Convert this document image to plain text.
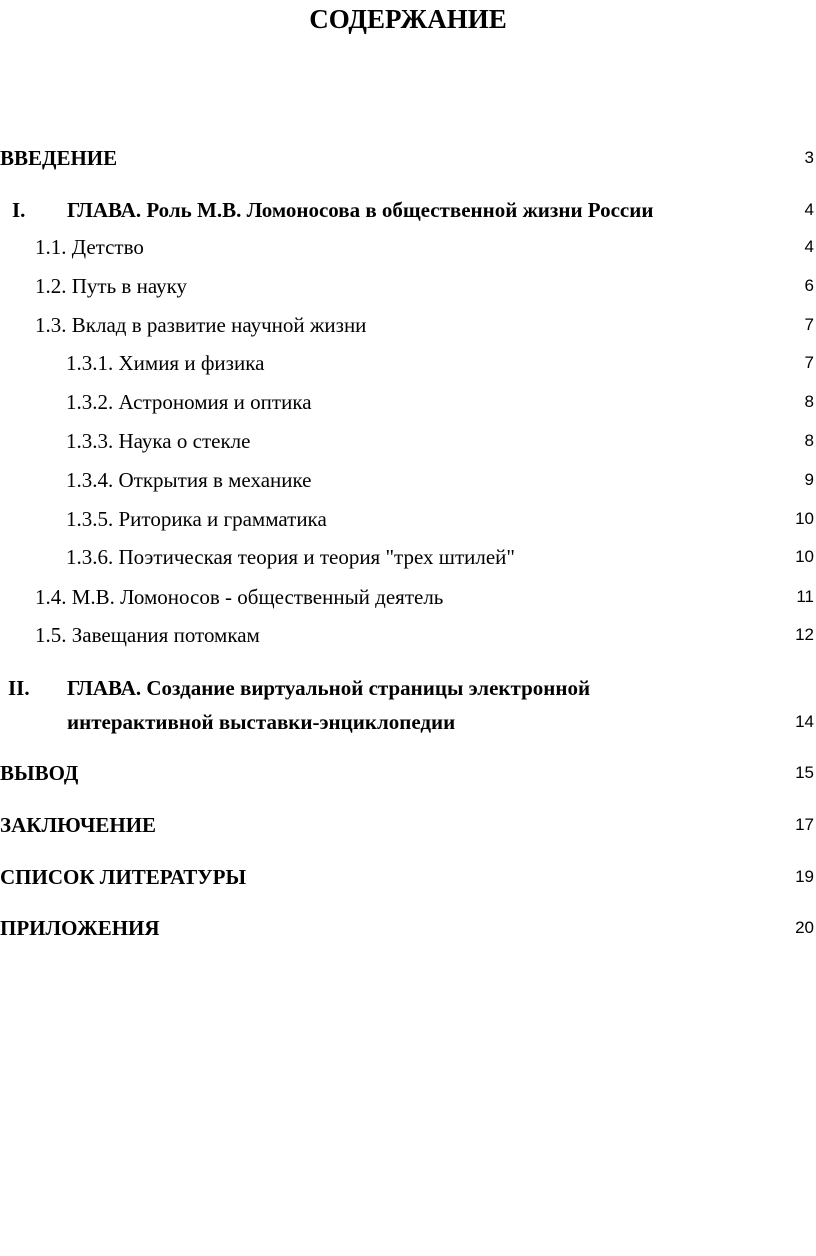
СОДЕРЖАНИЕ
ВВЕДЕНИЕ	3
I. ГЛАВА. Роль М.В. Ломоносова в общественной жизни России	4
1.1. Детство	4
1.2. Путь в науку	6
1.3. Вклад в развитие научной жизни	7
1.3.1. Химия и физика	7
1.3.2. Астрономия и оптика	8
1.3.3. Наука о стекле	8
1.3.4. Открытия в механике	9
1.3.5. Риторика и грамматика	10
1.3.6. Поэтическая теория и теория "трех штилей"	10
1.4. М.В. Ломоносов - общественный деятель	11
1.5. Завещания потомкам	12
II. ГЛАВА. Создание виртуальной страницы электронной
интерактивной выставки-энциклопедии	14
ВЫВОД	15
ЗАКЛЮЧЕНИЕ	17
СПИСОК ЛИТЕРАТУРЫ	19
ПРИЛОЖЕНИЯ	20
